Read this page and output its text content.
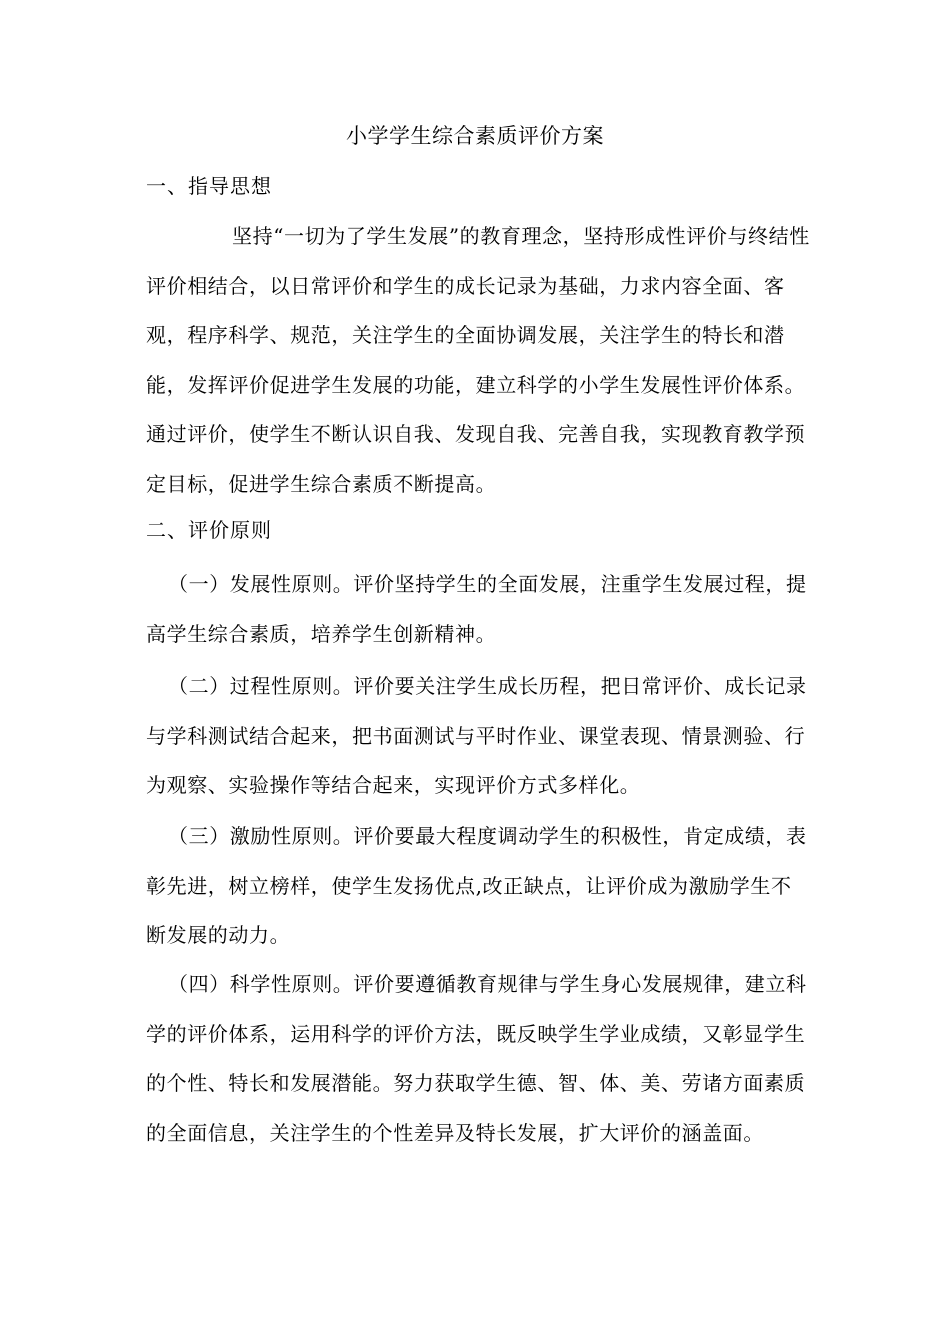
小学学生综合素质评价方案
一、指导思想

坚持“一切为了学生发展”的教育理念，坚持形成性评价与终结性评价相结合，以日常评价和学生的成长记录为基础，力求内容全面、客观，程序科学、规范，关注学生的全面协调发展，关注学生的特长和潜能，发挥评价促进学生发展的功能，建立科学的小学生发展性评价体系。通过评价，使学生不断认识自我、发现自我、完善自我，实现教育教学预定目标，促进学生综合素质不断提高。

二、评价原则

（一）发展性原则。评价坚持学生的全面发展，注重学生发展过程，提高学生综合素质，培养学生创新精神。

（二）过程性原则。评价要关注学生成长历程，把日常评价、成长记录与学科测试结合起来，把书面测试与平时作业、课堂表现、情景测验、行为观察、实验操作等结合起来，实现评价方式多样化。

（三）激励性原则。评价要最大程度调动学生的积极性，肯定成绩，表彰先进，树立榜样，使学生发扬优点,改正缺点，让评价成为激励学生不断发展的动力。

（四）科学性原则。评价要遵循教育规律与学生身心发展规律，建立科学的评价体系，运用科学的评价方法，既反映学生学业成绩，又彰显学生的个性、特长和发展潜能。努力获取学生德、智、体、美、劳诸方面素质的全面信息，关注学生的个性差异及特长发展，扩大评价的涵盖面。
